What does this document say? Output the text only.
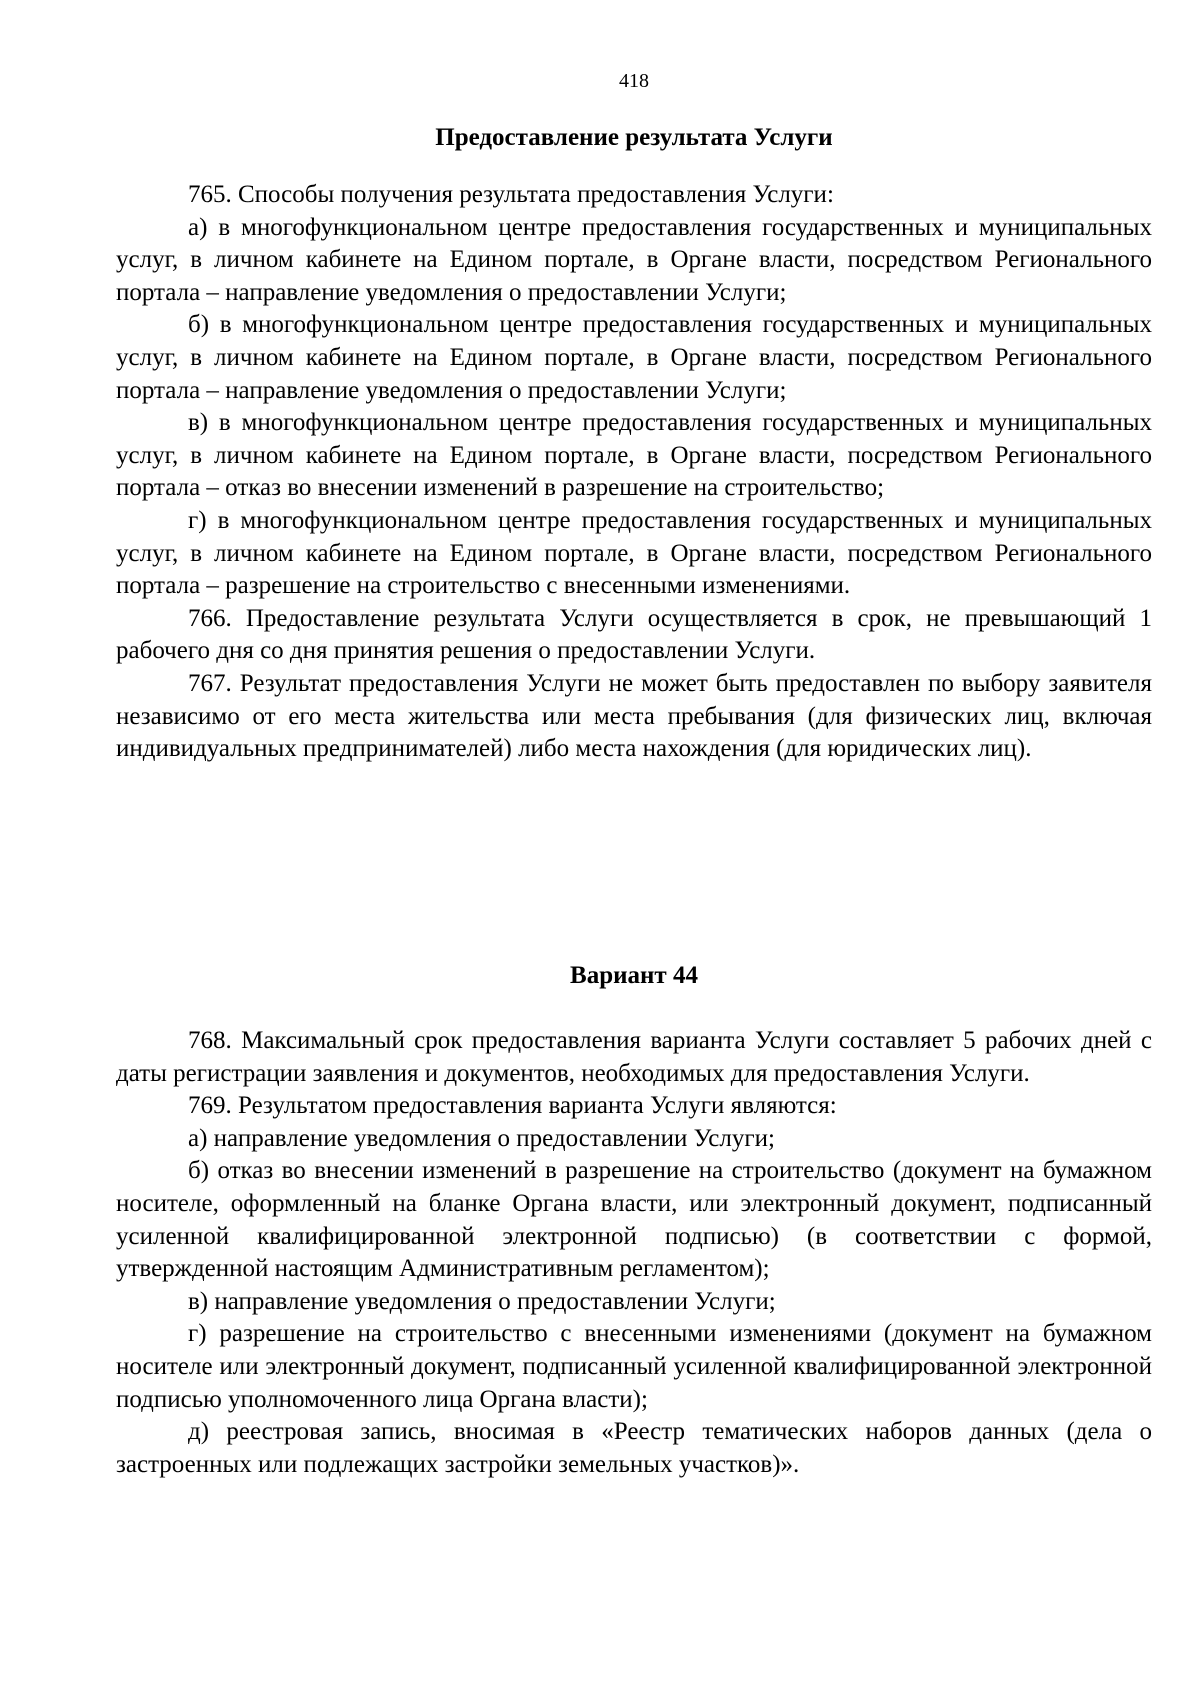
418
Предоставление результата Услуги

765. Способы получения результата предоставления Услуги:

а) в многофункциональном центре предоставления государственных и муниципальных услуг, в личном кабинете на Едином портале, в Органе власти, посредством Регионального портала – направление уведомления о предоставлении Услуги;

б) в многофункциональном центре предоставления государственных и муниципальных услуг, в личном кабинете на Едином портале, в Органе власти, посредством Регионального портала – направление уведомления о предоставлении Услуги;

в) в многофункциональном центре предоставления государственных и муниципальных услуг, в личном кабинете на Едином портале, в Органе власти, посредством Регионального портала – отказ во внесении изменений в разрешение на строительство;

г) в многофункциональном центре предоставления государственных и муниципальных услуг, в личном кабинете на Едином портале, в Органе власти, посредством Регионального портала – разрешение на строительство с внесенными изменениями.

766. Предоставление результата Услуги осуществляется в срок, не превышающий 1 рабочего дня со дня принятия решения о предоставлении Услуги.

767. Результат предоставления Услуги не может быть предоставлен по выбору заявителя независимо от его места жительства или места пребывания (для физических лиц, включая индивидуальных предпринимателей) либо места нахождения (для юридических лиц).

Вариант 44

768. Максимальный срок предоставления варианта Услуги составляет 5 рабочих дней с даты регистрации заявления и документов, необходимых для предоставления Услуги.

769. Результатом предоставления варианта Услуги являются:

а) направление уведомления о предоставлении Услуги;

б) отказ во внесении изменений в разрешение на строительство (документ на бумажном носителе, оформленный на бланке Органа власти, или электронный документ, подписанный усиленной квалифицированной электронной подписью) (в соответствии с формой, утвержденной настоящим Административным регламентом);

в) направление уведомления о предоставлении Услуги;

г) разрешение на строительство с внесенными изменениями (документ на бумажном носителе или электронный документ, подписанный усиленной квалифицированной электронной подписью уполномоченного лица Органа власти);

д) реестровая запись, вносимая в «Реестр тематических наборов данных (дела о застроенных или подлежащих застройки земельных участков)».
